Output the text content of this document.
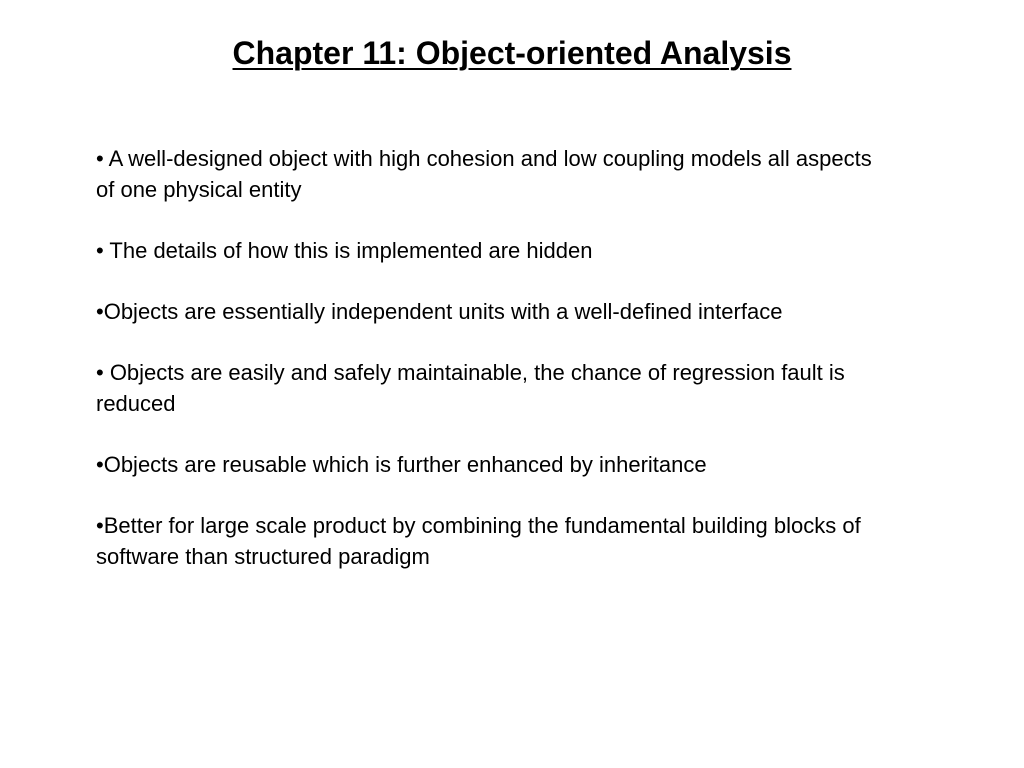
Chapter 11: Object-oriented Analysis
• A well-designed object with high cohesion and low coupling models all aspects of one physical entity
• The details of how this is implemented are hidden
•Objects are essentially independent units with a well-defined interface
• Objects are easily and safely maintainable, the chance of regression fault is reduced
•Objects are reusable which is further enhanced by inheritance
•Better for large scale product by combining the fundamental building blocks of software than structured paradigm
